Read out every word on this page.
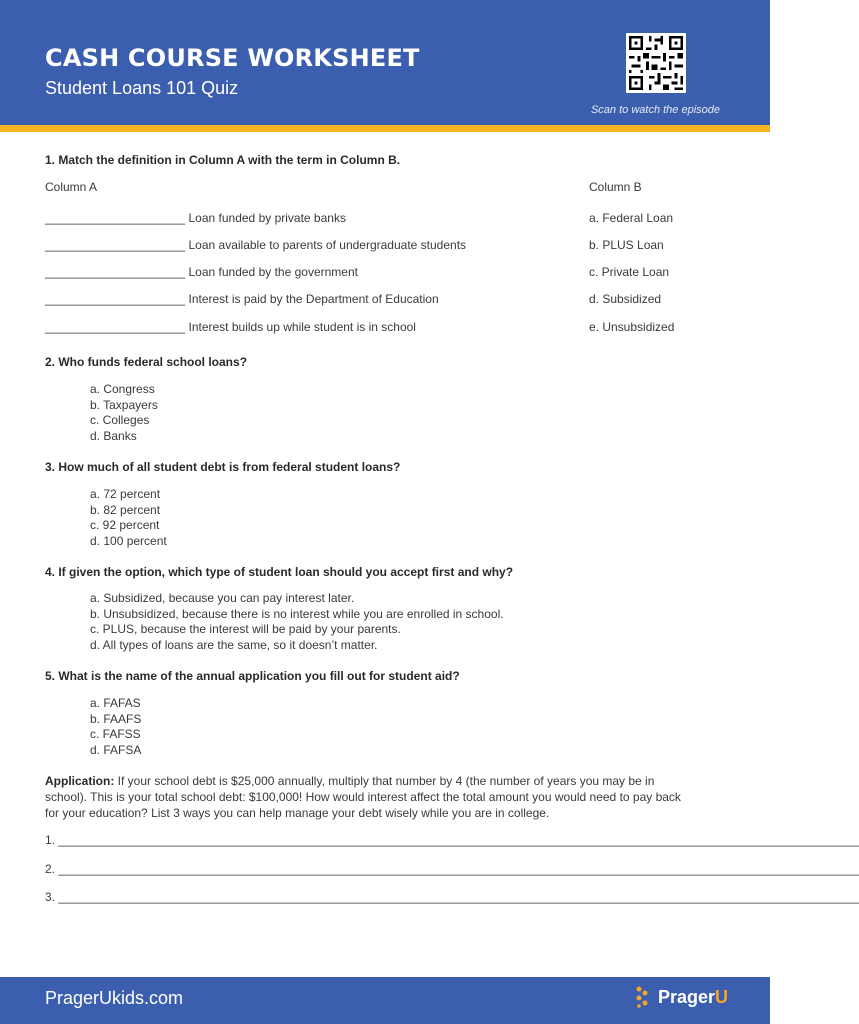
CASH COURSE WORKSHEET
Student Loans 101 Quiz
Scan to watch the episode
1. Match the definition in Column A with the term in Column B.
Column A	Column B
_____________________ Loan funded by private banks
_____________________ Loan available to parents of undergraduate students
_____________________ Loan funded by the government
_____________________ Interest is paid by the Department of Education
_____________________ Interest builds up while student is in school
a. Federal Loan
b. PLUS Loan
c. Private Loan
d. Subsidized
e. Unsubsidized
2. Who funds federal school loans?
a. Congress
b. Taxpayers
c. Colleges
d. Banks
3. How much of all student debt is from federal student loans?
a. 72 percent
b. 82 percent
c. 92 percent
d. 100 percent
4. If given the option, which type of student loan should you accept first and why?
a. Subsidized, because you can pay interest later.
b. Unsubsidized, because there is no interest while you are enrolled in school.
c. PLUS, because the interest will be paid by your parents.
d. All types of loans are the same, so it doesn’t matter.
5. What is the name of the annual application you fill out for student aid?
a. FAFAS
b. FAAFS
c. FAFSS
d. FAFSA
Application: If your school debt is $25,000 annually, multiply that number by 4 (the number of years you may be in school). This is your total school debt: $100,000! How would interest affect the total amount you would need to pay back for your education? List 3 ways you can help manage your debt wisely while you are in college.
1. ________________________________________________________________________________________________________________________
2. ________________________________________________________________________________________________________________________
3. ________________________________________________________________________________________________________________________
PragerUkids.com	PragerU
